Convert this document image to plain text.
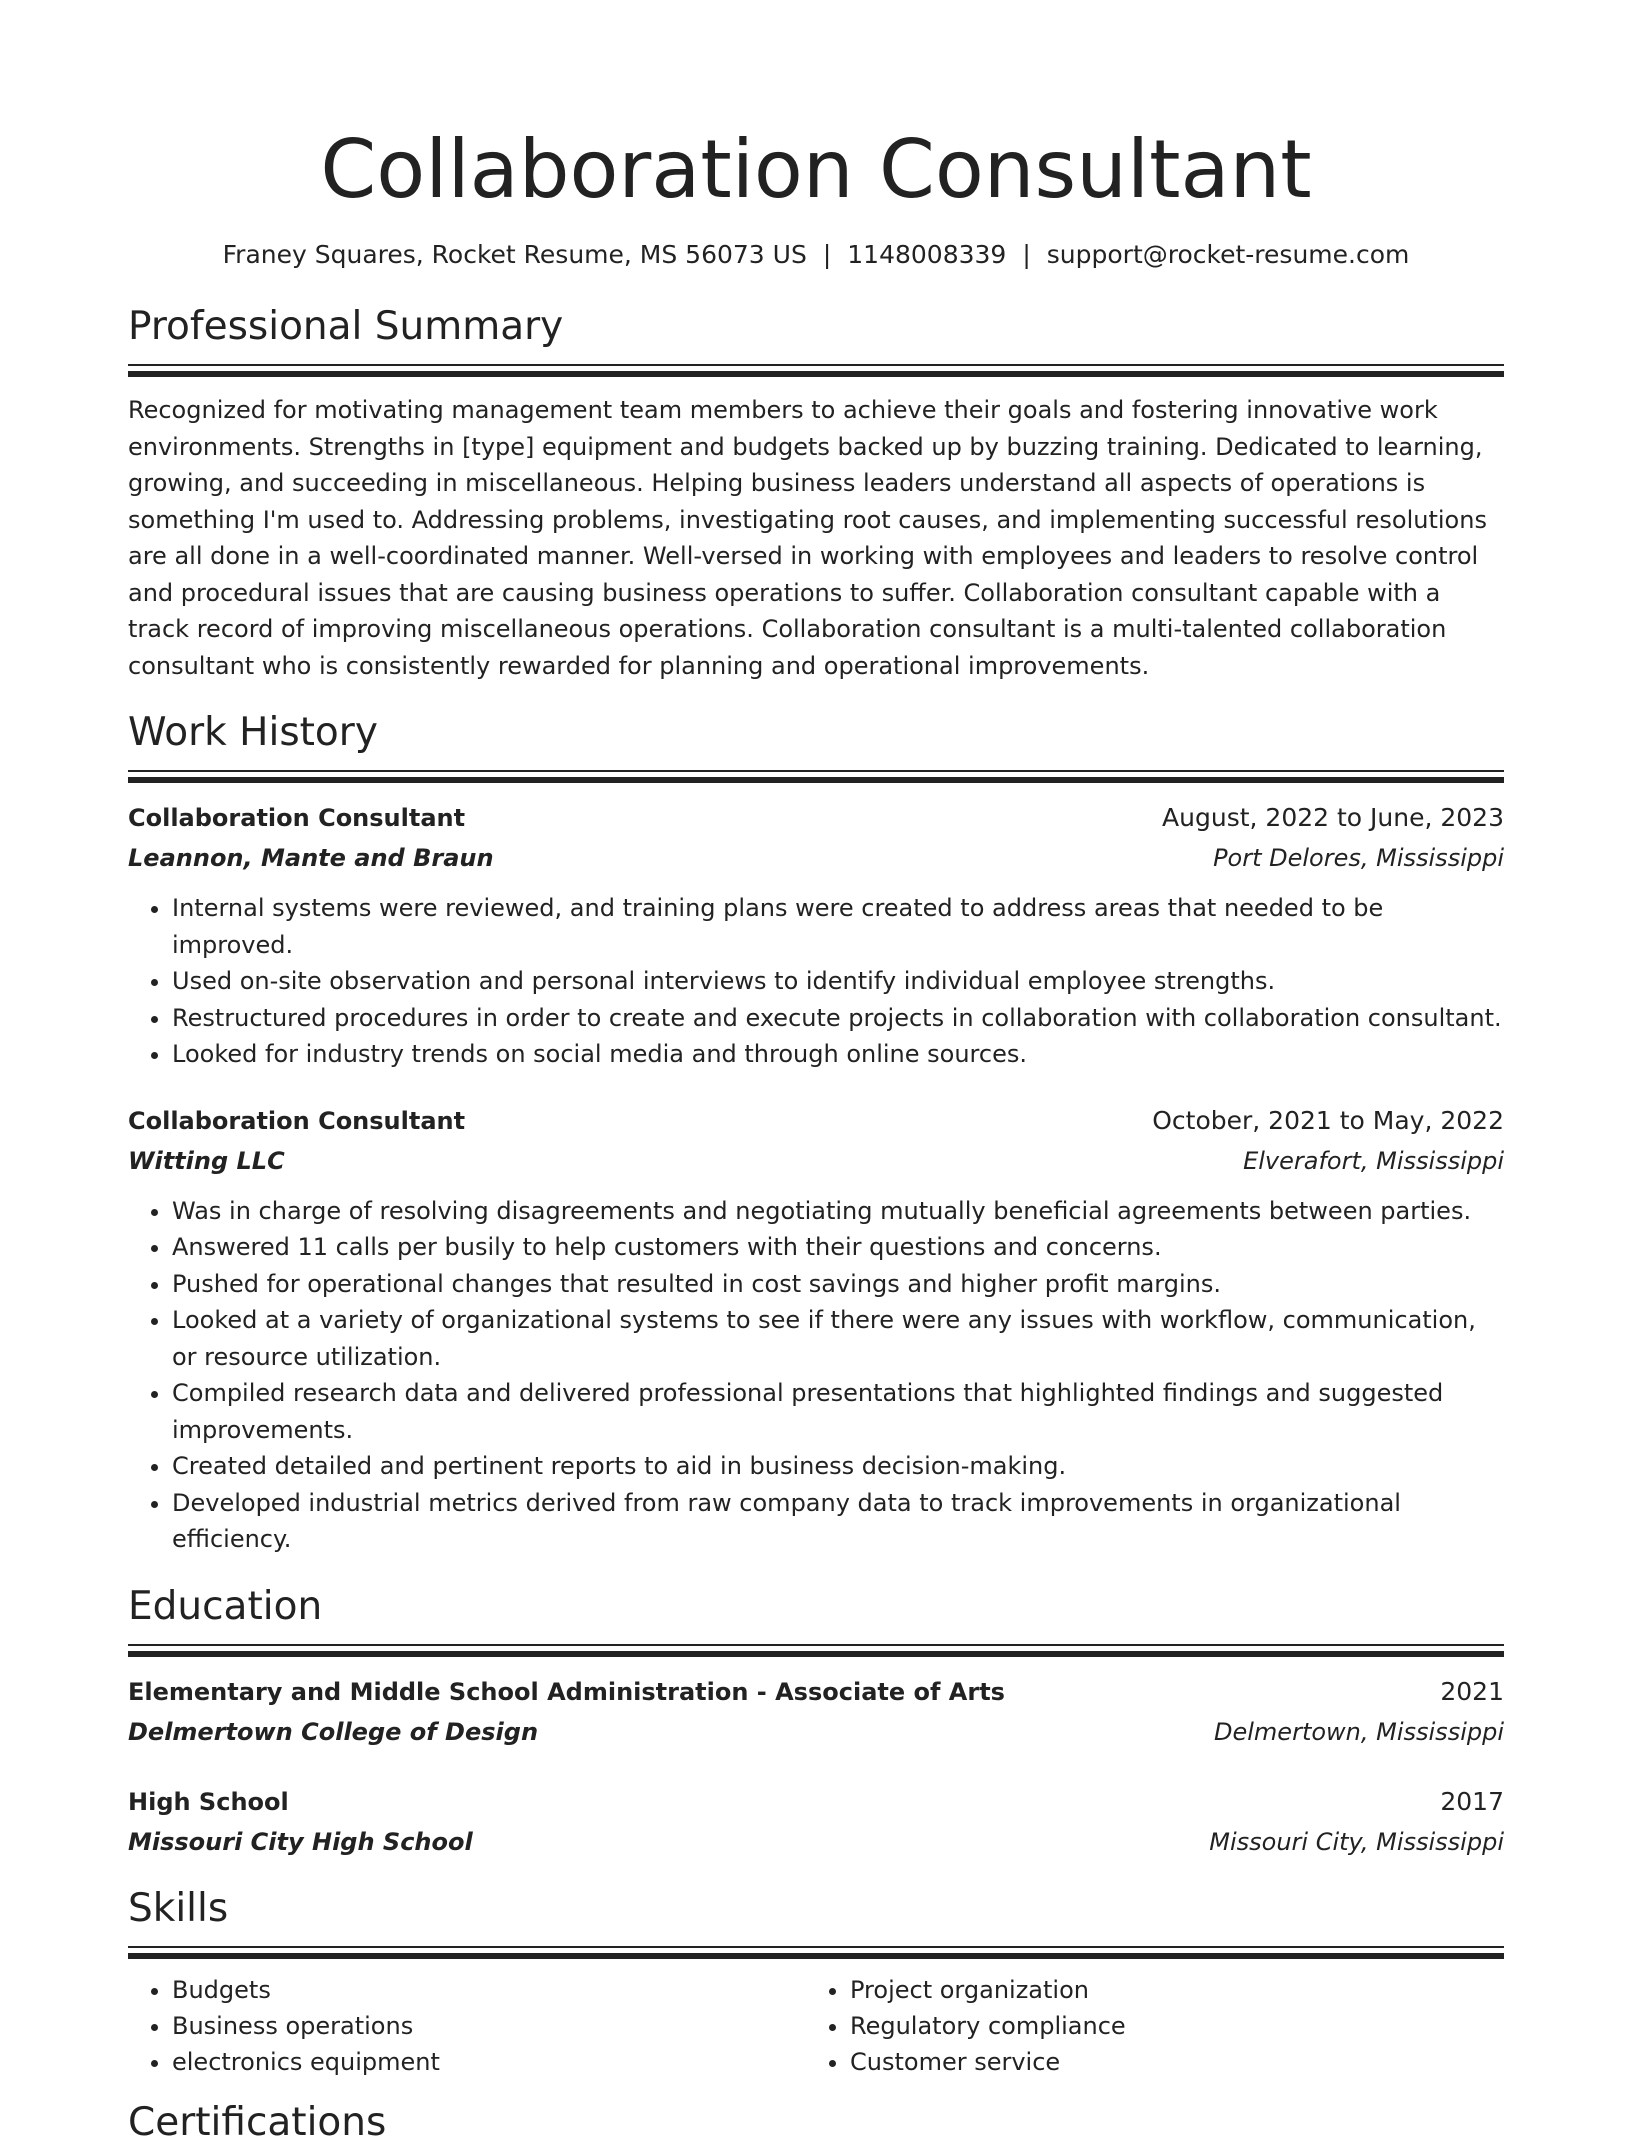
Collaboration Consultant
Franey Squares, Rocket Resume, MS 56073 US | 1148008339 | support@rocket-resume.com
Professional Summary
Recognized for motivating management team members to achieve their goals and fostering innovative work environments. Strengths in [type] equipment and budgets backed up by buzzing training. Dedicated to learning, growing, and succeeding in miscellaneous. Helping business leaders understand all aspects of operations is something I'm used to. Addressing problems, investigating root causes, and implementing successful resolutions are all done in a well-coordinated manner. Well-versed in working with employees and leaders to resolve control and procedural issues that are causing business operations to suffer. Collaboration consultant capable with a track record of improving miscellaneous operations. Collaboration consultant is a multi-talented collaboration consultant who is consistently rewarded for planning and operational improvements.
Work History
Collaboration Consultant	August, 2022 to June, 2023
Leannon, Mante and Braun	Port Delores, Mississippi
• Internal systems were reviewed, and training plans were created to address areas that needed to be improved.
• Used on-site observation and personal interviews to identify individual employee strengths.
• Restructured procedures in order to create and execute projects in collaboration with collaboration consultant.
• Looked for industry trends on social media and through online sources.
Collaboration Consultant	October, 2021 to May, 2022
Witting LLC	Elverafort, Mississippi
• Was in charge of resolving disagreements and negotiating mutually beneficial agreements between parties.
• Answered 11 calls per busily to help customers with their questions and concerns.
• Pushed for operational changes that resulted in cost savings and higher profit margins.
• Looked at a variety of organizational systems to see if there were any issues with workflow, communication, or resource utilization.
• Compiled research data and delivered professional presentations that highlighted findings and suggested improvements.
• Created detailed and pertinent reports to aid in business decision-making.
• Developed industrial metrics derived from raw company data to track improvements in organizational efficiency.
Education
Elementary and Middle School Administration - Associate of Arts	2021
Delmertown College of Design	Delmertown, Mississippi
High School	2017
Missouri City High School	Missouri City, Mississippi
Skills
• Budgets
• Business operations
• electronics equipment
• Project organization
• Regulatory compliance
• Customer service
Certifications
